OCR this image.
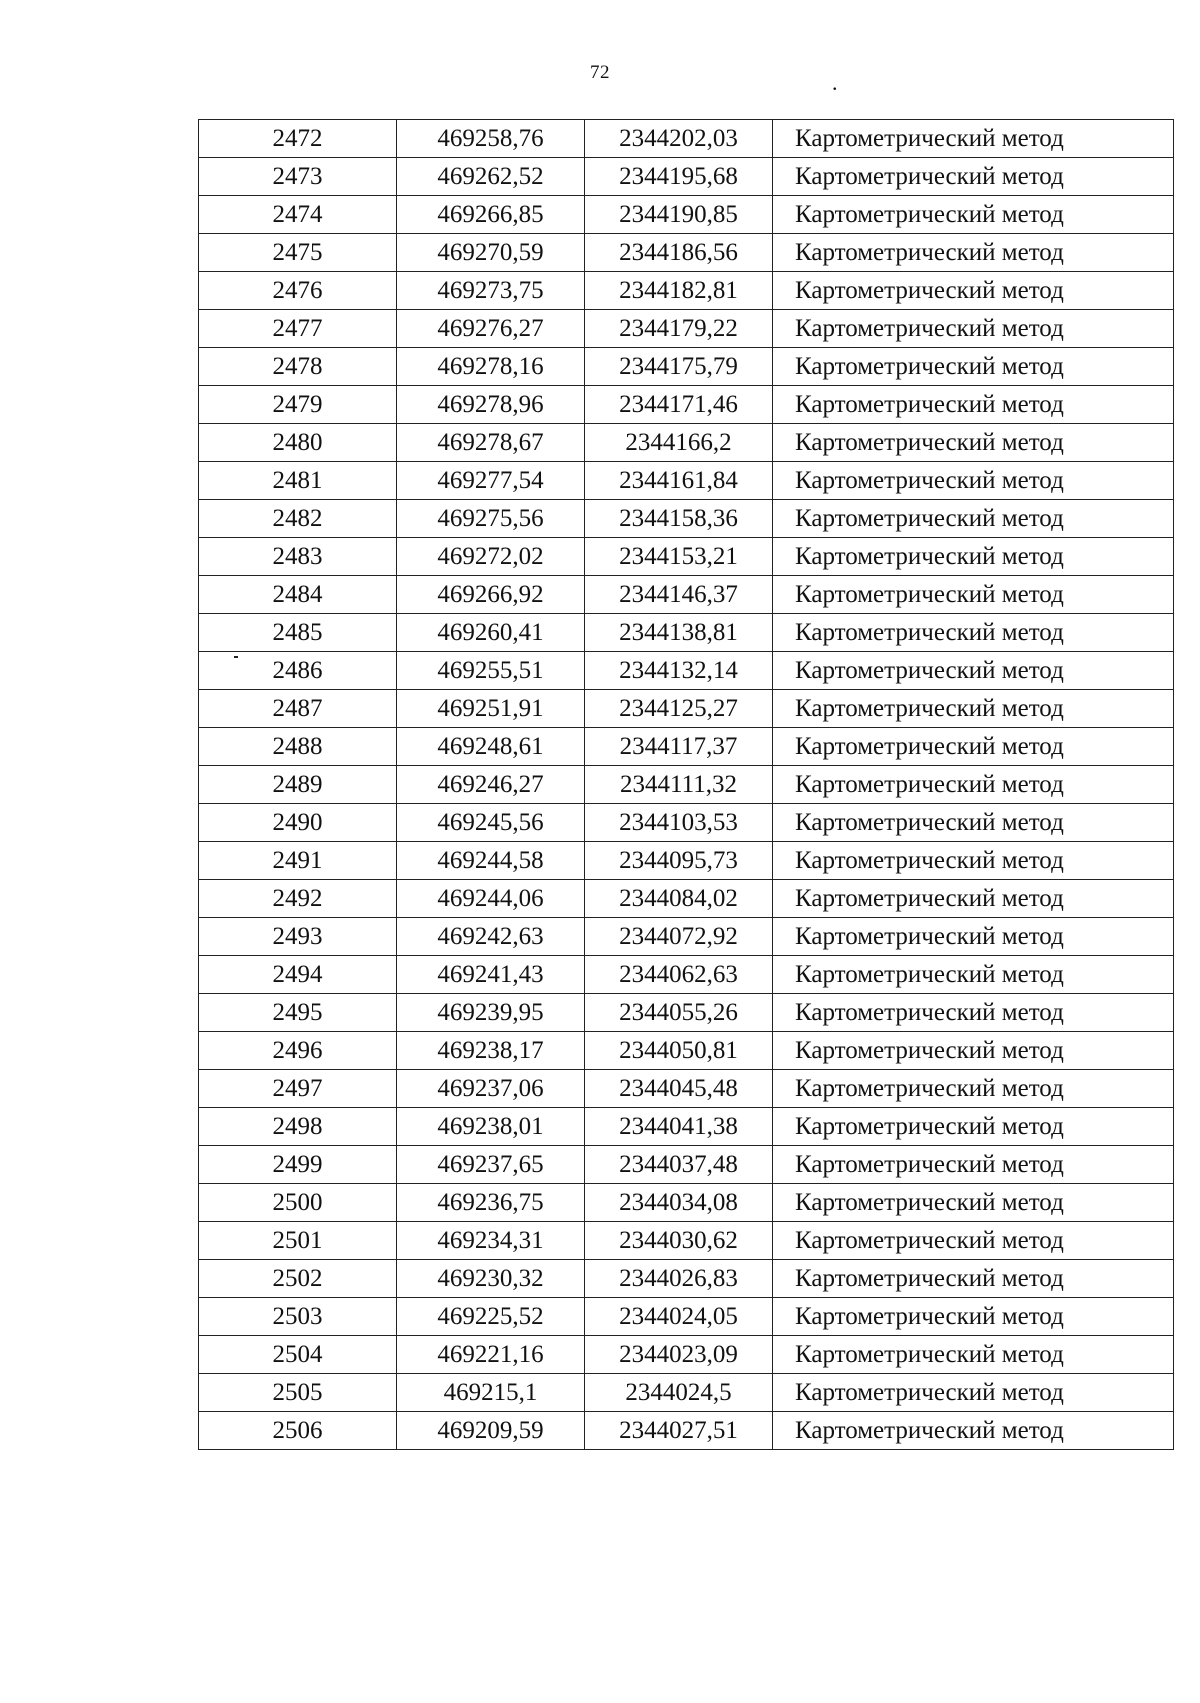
72	.
2472	469258,76	2344202,03	Картометрический метод
2473	469262,52	2344195,68	Картометрический метод
2474	469266,85	2344190,85	Картометрический метод
2475	469270,59	2344186,56	Картометрический метод
2476	469273,75	2344182,81	Картометрический метод
2477	469276,27	2344179,22	Картометрический метод
2478	469278,16	2344175,79	Картометрический метод
2479	469278,96	2344171,46	Картометрический метод
2480	469278,67	2344166,2	Картометрический метод
2481	469277,54	2344161,84	Картометрический метод
2482	469275,56	2344158,36	Картометрический метод
2483	469272,02	2344153,21	Картометрический метод
2484	469266,92	2344146,37	Картометрический метод
2485	469260,41	2344138,81	Картометрический метод
2486	469255,51	2344132,14	Картометрический метод
2487	469251,91	2344125,27	Картометрический метод
2488	469248,61	2344117,37	Картометрический метод
2489	469246,27	2344111,32	Картометрический метод
2490	469245,56	2344103,53	Картометрический метод
2491	469244,58	2344095,73	Картометрический метод
2492	469244,06	2344084,02	Картометрический метод
2493	469242,63	2344072,92	Картометрический метод
2494	469241,43	2344062,63	Картометрический метод
2495	469239,95	2344055,26	Картометрический метод
2496	469238,17	2344050,81	Картометрический метод
2497	469237,06	2344045,48	Картометрический метод
2498	469238,01	2344041,38	Картометрический метод
2499	469237,65	2344037,48	Картометрический метод
2500	469236,75	2344034,08	Картометрический метод
2501	469234,31	2344030,62	Картометрический метод
2502	469230,32	2344026,83	Картометрический метод
2503	469225,52	2344024,05	Картометрический метод
2504	469221,16	2344023,09	Картометрический метод
2505	469215,1	2344024,5	Картометрический метод
2506	469209,59	2344027,51	Картометрический метод
